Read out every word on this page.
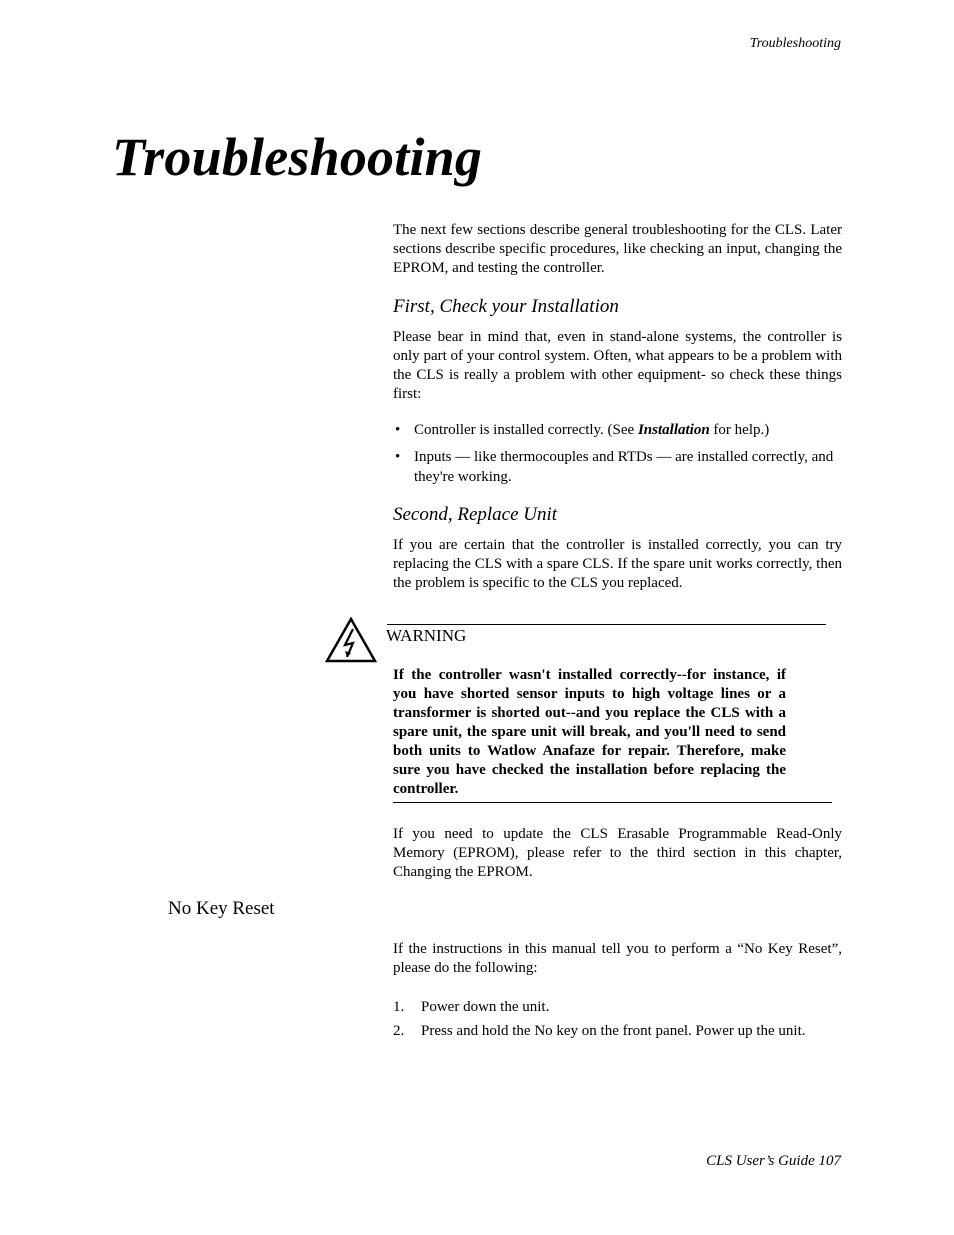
Troubleshooting
Troubleshooting

The next few sections describe general troubleshooting for the CLS. Later sections describe specific procedures, like checking an input, changing the EPROM, and testing the controller.

First, Check your Installation

Please bear in mind that, even in stand-alone systems, the controller is only part of your control system. Often, what appears to be a problem with the CLS is really a problem with other equipment- so check these things first:

• Controller is installed correctly. (See Installation for help.)
• Inputs — like thermocouples and RTDs — are installed correctly, and they're working.
Second, Replace Unit

If you are certain that the controller is installed correctly, you can try replacing the CLS with a spare CLS. If the spare unit works correctly, then the problem is specific to the CLS you replaced.

WARNING
If the controller wasn't installed correctly--for instance, if you have shorted sensor inputs to high voltage lines or a transformer is shorted out--and you replace the CLS with a spare unit, the spare unit will break, and you'll need to send both units to Watlow Anafaze for repair. Therefore, make sure you have checked the installation before replacing the controller.

If you need to update the CLS Erasable Programmable Read-Only Memory (EPROM), please refer to the third section in this chapter, Changing the EPROM.

No Key Reset

If the instructions in this manual tell you to perform a “No Key Reset”, please do the following:

1. Power down the unit.
2. Press and hold the No key on the front panel. Power up the unit.
CLS User’s Guide 107
